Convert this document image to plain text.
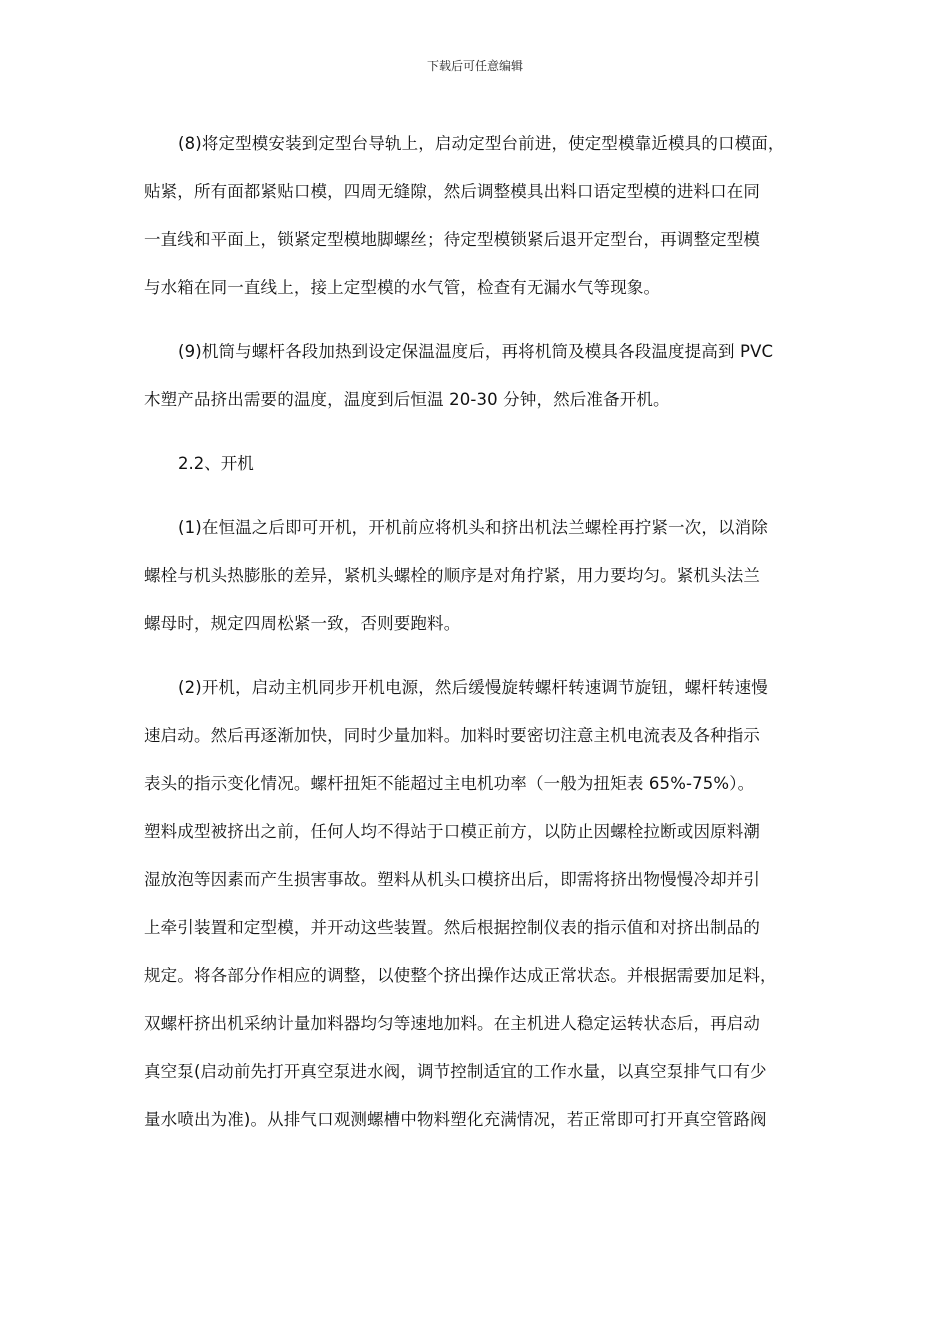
下载后可任意编辑

(8)将定型模安装到定型台导轨上，启动定型台前进，使定型模靠近模具的口模面，
贴紧，所有面都紧贴口模，四周无缝隙，然后调整模具出料口语定型模的进料口在同
一直线和平面上，锁紧定型模地脚螺丝；待定型模锁紧后退开定型台，再调整定型模
与水箱在同一直线上，接上定型模的水气管，检查有无漏水气等现象。

(9)机筒与螺杆各段加热到设定保温温度后，再将机筒及模具各段温度提高到 PVC
木塑产品挤出需要的温度，温度到后恒温 20-30 分钟，然后准备开机。

2.2、开机

(1)在恒温之后即可开机，开机前应将机头和挤出机法兰螺栓再拧紧一次，以消除
螺栓与机头热膨胀的差异，紧机头螺栓的顺序是对角拧紧，用力要均匀。紧机头法兰
螺母时，规定四周松紧一致，否则要跑料。

(2)开机，启动主机同步开机电源，然后缓慢旋转螺杆转速调节旋钮，螺杆转速慢
速启动。然后再逐渐加快，同时少量加料。加料时要密切注意主机电流表及各种指示
表头的指示变化情况。螺杆扭矩不能超过主电机功率（一般为扭矩表 65%-75%）。
塑料成型被挤出之前，任何人均不得站于口模正前方，以防止因螺栓拉断或因原料潮
湿放泡等因素而产生损害事故。塑料从机头口模挤出后，即需将挤出物慢慢冷却并引
上牵引装置和定型模，并开动这些装置。然后根据控制仪表的指示值和对挤出制品的
规定。将各部分作相应的调整，以使整个挤出操作达成正常状态。并根据需要加足料，
双螺杆挤出机采纳计量加料器均匀等速地加料。在主机进人稳定运转状态后，再启动
真空泵(启动前先打开真空泵进水阀，调节控制适宜的工作水量，以真空泵排气口有少
量水喷出为准)。从排气口观测螺槽中物料塑化充满情况，若正常即可打开真空管路阀
